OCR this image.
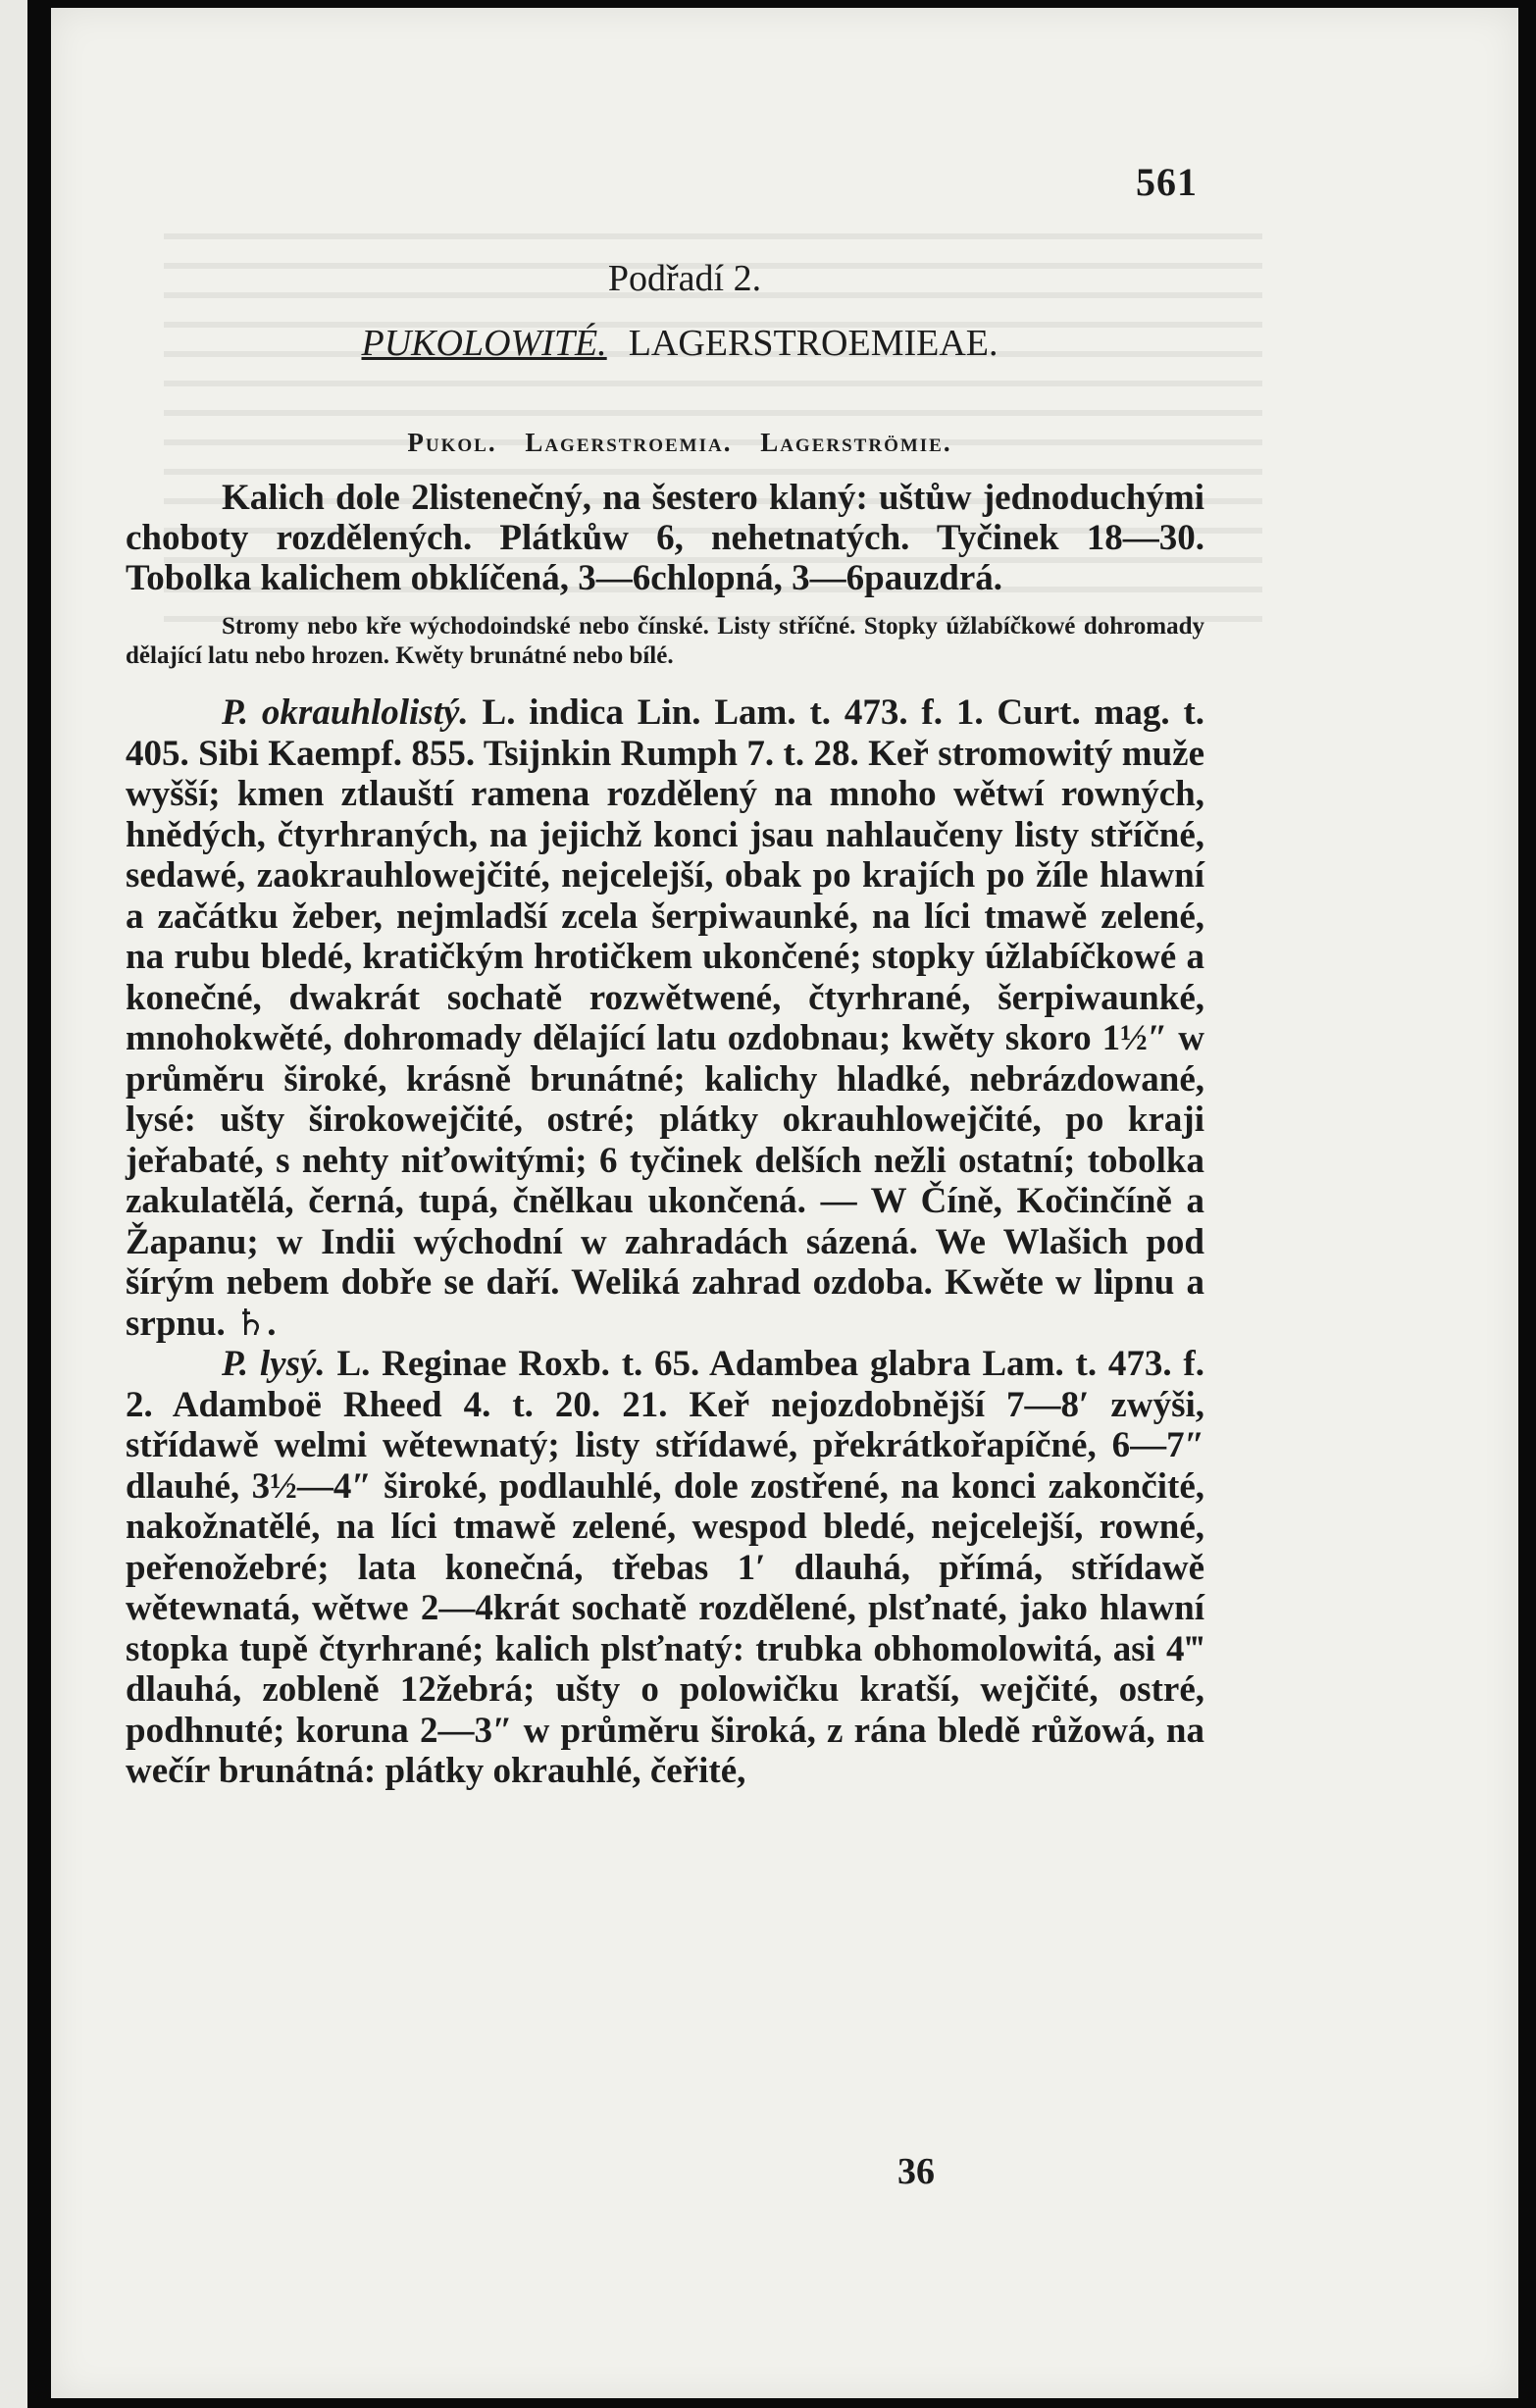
561
Podřadí 2.
PUKOLOWITÉ. LAGERSTROEMIEAE.
Pukol. Lagerstroemia. Lagerströmie.

Kalich dole 2listenečný, na šestero klaný: uštůw jednoduchými choboty rozdělených. Plátkůw 6, nehetnatých. Tyčinek 18—30. Tobolka kalichem obklíčená, 3—6chlopná, 3—6pauzdrá.

Stromy nebo kře wýchodoindské nebo čínské. Listy stříčné. Stopky úžlabíčkowé dohromady dělající latu nebo hrozen. Kwěty brunátné nebo bílé.

P. okrauhlolistý. L. indica Lin. Lam. t. 473. f. 1. Curt. mag. t. 405. Sibi Kaempf. 855. Tsijnkin Rumph 7. t. 28. Keř stromowitý muže wyšší; kmen ztlauští ramena rozdělený na mnoho wětwí rowných, hnědých, čtyrhraných, na jejichž konci jsau nahlaučeny listy stříčné, sedawé, zaokrauhlowejčité, nejcelejší, obak po krajích po žíle hlawní a začátku žeber, nejmladší zcela šerpiwaunké, na líci tmawě zelené, na rubu bledé, kratičkým hrotičkem ukončené; stopky úžlabíčkowé a konečné, dwakrát sochatě rozwětwené, čtyrhrané, šerpiwaunké, mnohokwěté, dohromady dělající latu ozdobnau; kwěty skoro 1½″ w průměru široké, krásně brunátné; kalichy hladké, nebrázdowané, lysé: ušty širokowejčité, ostré; plátky okrauhlowejčité, po kraji jeřabaté, s nehty niťowitými; 6 tyčinek delších nežli ostatní; tobolka zakulatělá, černá, tupá, čnělkau ukončená. — W Číně, Kočinčíně a Žapanu; w Indii wýchodní w zahradách sázená. We Wlašich pod šírým nebem dobře se daří. Weliká zahrad ozdoba. Kwěte w lipnu a srpnu. ♄.

P. lysý. L. Reginae Roxb. t. 65. Adambea glabra Lam. t. 473. f. 2. Adamboë Rheed 4. t. 20. 21. Keř nejozdobnější 7—8′ zwýši, střídawě welmi wětewnatý; listy střídawé, překrátkořapíčné, 6—7″ dlauhé, 3½—4″ široké, podlauhlé, dole zostřené, na konci zakončité, nakožnatělé, na líci tmawě zelené, wespod bledé, nejcelejší, rowné, peřenožebré; lata konečná, třebas 1′ dlauhá, přímá, střídawě wětewnatá, wětwe 2—4krát sochatě rozdělené, plsťnaté, jako hlawní stopka tupě čtyrhrané; kalich plsťnatý: trubka obhomolowitá, asi 4‴ dlauhá, zobleně 12žebrá; ušty o polowičku kratší, wejčité, ostré, podhnuté; koruna 2—3″ w průměru široká, z rána bledě růžowá, na wečír brunátná: plátky okrauhlé, čeřité,

36
